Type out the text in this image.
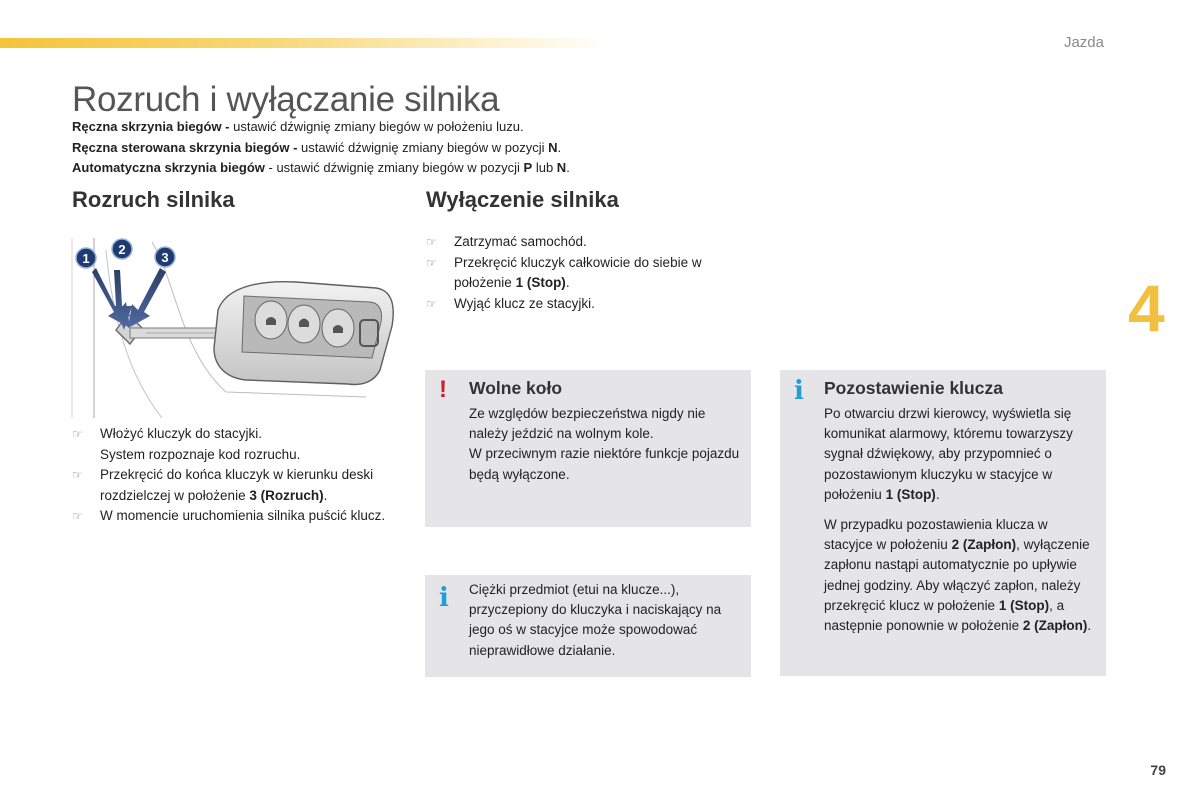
Jazda
4
Rozruch i wyłączanie silnika

Ręczna skrzynia biegów - ustawić dźwignię zmiany biegów w położeniu luzu.

Ręczna sterowana skrzynia biegów - ustawić dźwignię zmiany biegów w pozycji N.

Automatyczna skrzynia biegów - ustawić dźwignię zmiany biegów w pozycji P lub N.

Rozruch silnika	Wyłączenie silnika
1
2
3
☞ Włożyć kluczyk do stacyjki.
System rozpoznaje kod rozruchu.
☞ Przekręcić do końca kluczyk w kierunku deski rozdzielczej w położenie 3 (Rozruch).
☞ W momencie uruchomienia silnika puścić klucz.
☞ Zatrzymać samochód.
☞ Przekręcić kluczyk całkowicie do siebie w położenie 1 (Stop).
☞ Wyjąć klucz ze stacyjki.
! Wolne koło

Ze względów bezpieczeństwa nigdy nie należy jeździć na wolnym kole.

W przeciwnym razie niektóre funkcje pojazdu będą wyłączone.

i Ciężki przedmiot (etui na klucze...), przyczepiony do kluczyka i naciskający na jego oś w stacyjce może spowodować nieprawidłowe działanie.
i Pozostawienie klucza

Po otwarciu drzwi kierowcy, wyświetla się komunikat alarmowy, któremu towarzyszy sygnał dźwiękowy, aby przypomnieć o pozostawionym kluczyku w stacyjce w położeniu 1 (Stop).

W przypadku pozostawienia klucza w stacyjce w położeniu 2 (Zapłon), wyłączenie zapłonu nastąpi automatycznie po upływie jednej godziny. Aby włączyć zapłon, należy przekręcić klucz w położenie 1 (Stop), a następnie ponownie w położenie 2 (Zapłon).

79
